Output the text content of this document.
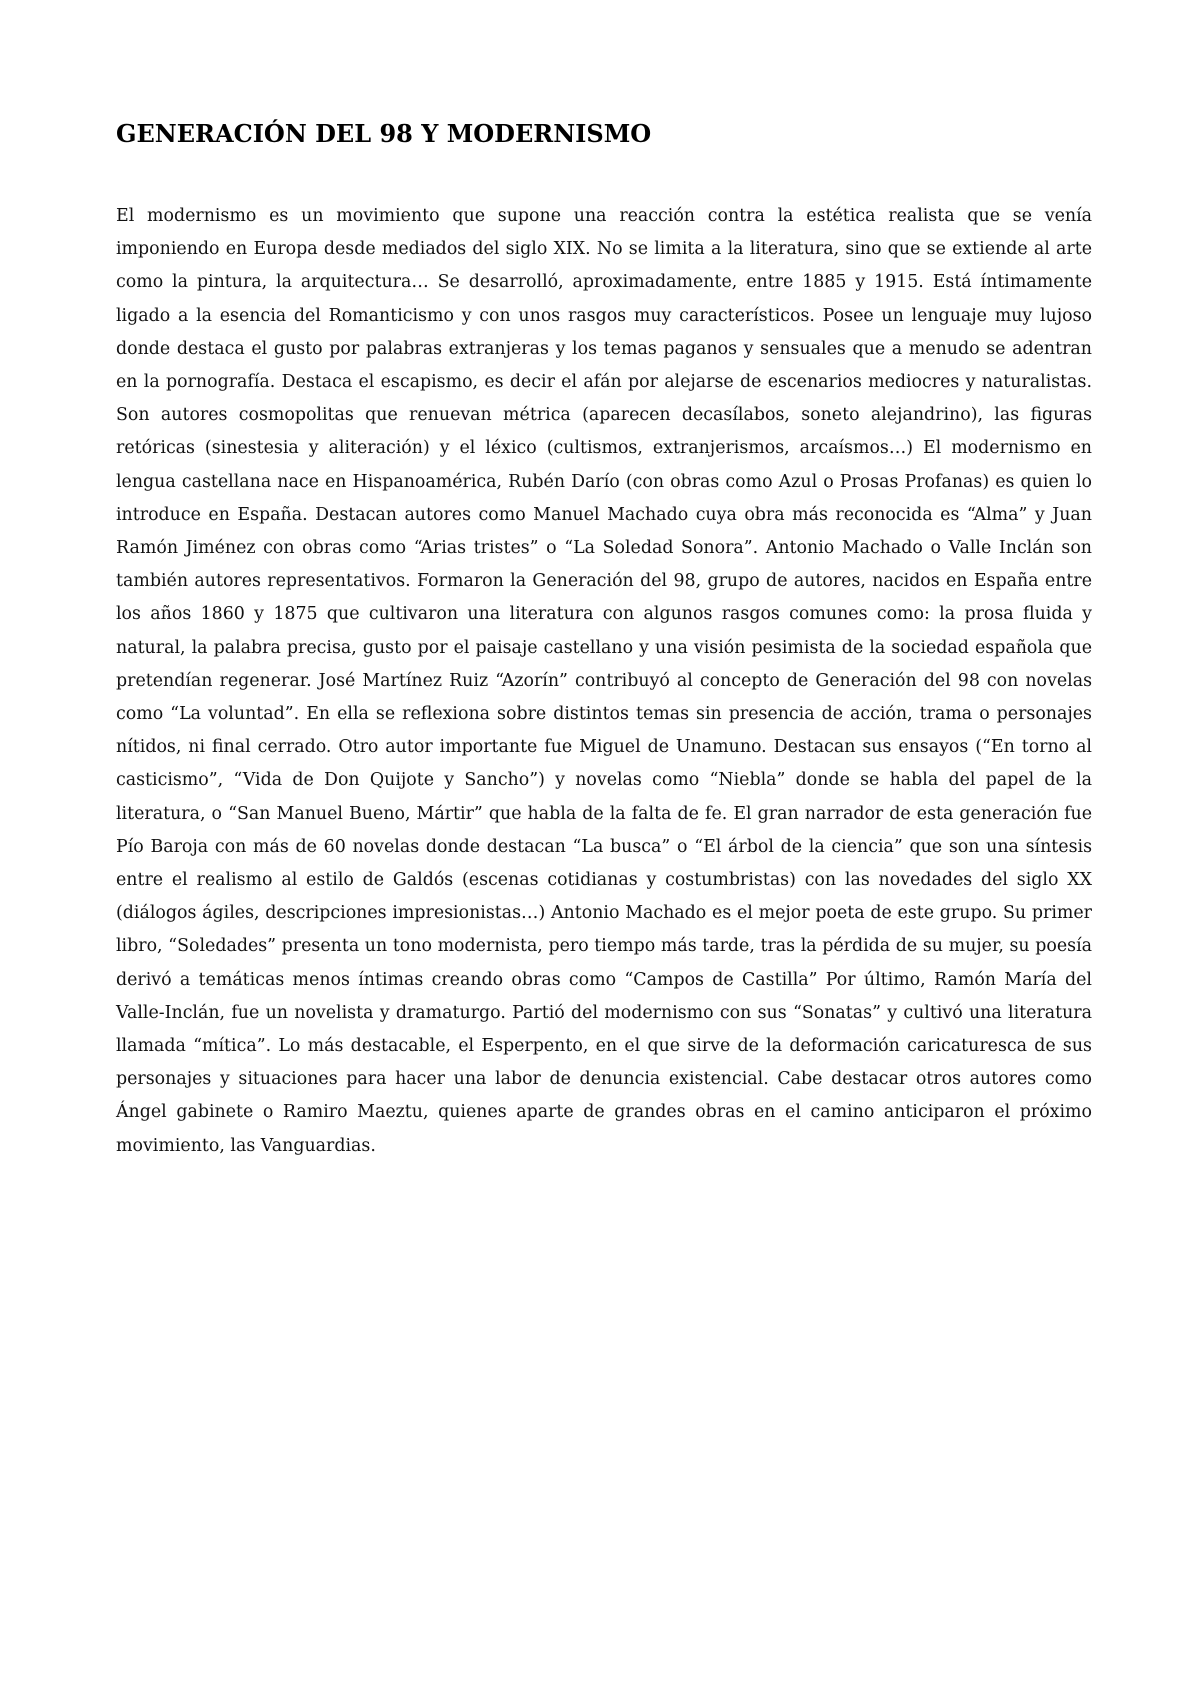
GENERACIÓN DEL 98 Y MODERNISMO

El modernismo es un movimiento que supone una reacción contra la estética realista que se venía imponiendo en Europa desde mediados del siglo XIX. No se limita a la literatura, sino que se extiende al arte como la pintura, la arquitectura… Se desarrolló, aproximadamente, entre 1885 y 1915. Está íntimamente ligado a la esencia del Romanticismo y con unos rasgos muy característicos. Posee un lenguaje muy lujoso donde destaca el gusto por palabras extranjeras y los temas paganos y sensuales que a menudo se adentran en la pornografía. Destaca el escapismo, es decir el afán por alejarse de escenarios mediocres y naturalistas. Son autores cosmopolitas que renuevan métrica (aparecen decasílabos, soneto alejandrino), las figuras retóricas (sinestesia y aliteración) y el léxico (cultismos, extranjerismos, arcaísmos…) El modernismo en lengua castellana nace en Hispanoamérica, Rubén Darío (con obras como Azul o Prosas Profanas) es quien lo introduce en España. Destacan autores como Manuel Machado cuya obra más reconocida es “Alma” y Juan Ramón Jiménez con obras como “Arias tristes” o “La Soledad Sonora”. Antonio Machado o Valle Inclán son también autores representativos. Formaron la Generación del 98, grupo de autores, nacidos en España entre los años 1860 y 1875 que cultivaron una literatura con algunos rasgos comunes como: la prosa fluida y natural, la palabra precisa, gusto por el paisaje castellano y una visión pesimista de la sociedad española que pretendían regenerar. José Martínez Ruiz “Azorín” contribuyó al concepto de Generación del 98 con novelas como “La voluntad”. En ella se reflexiona sobre distintos temas sin presencia de acción, trama o personajes nítidos, ni final cerrado. Otro autor importante fue Miguel de Unamuno. Destacan sus ensayos (“En torno al casticismo”, “Vida de Don Quijote y Sancho”) y novelas como “Niebla” donde se habla del papel de la literatura, o “San Manuel Bueno, Mártir” que habla de la falta de fe. El gran narrador de esta generación fue Pío Baroja con más de 60 novelas donde destacan “La busca” o “El árbol de la ciencia” que son una síntesis entre el realismo al estilo de Galdós (escenas cotidianas y costumbristas) con las novedades del siglo XX (diálogos ágiles, descripciones impresionistas…) Antonio Machado es el mejor poeta de este grupo. Su primer libro, “Soledades” presenta un tono modernista, pero tiempo más tarde, tras la pérdida de su mujer, su poesía derivó a temáticas menos íntimas creando obras como “Campos de Castilla” Por último, Ramón María del Valle-Inclán, fue un novelista y dramaturgo. Partió del modernismo con sus “Sonatas” y cultivó una literatura llamada “mítica”. Lo más destacable, el Esperpento, en el que sirve de la deformación caricaturesca de sus personajes y situaciones para hacer una labor de denuncia existencial. Cabe destacar otros autores como Ángel gabinete o Ramiro Maeztu, quienes aparte de grandes obras en el camino anticiparon el próximo movimiento, las Vanguardias.
